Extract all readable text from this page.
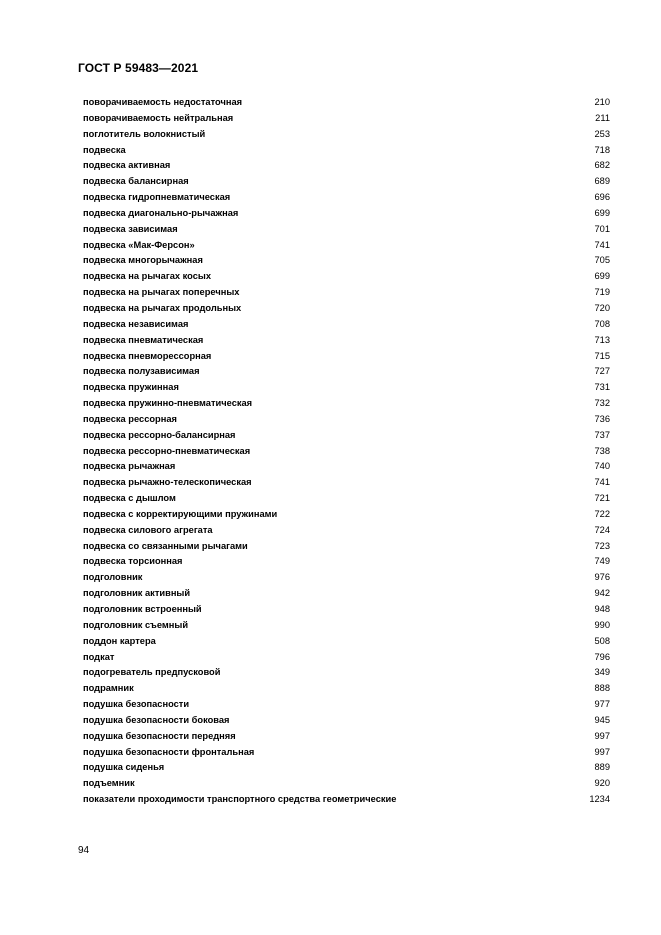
ГОСТ Р 59483—2021
поворачиваемость недостаточная	210
поворачиваемость нейтральная	211
поглотитель волокнистый	253
подвеска	718
подвеска активная	682
подвеска балансирная	689
подвеска гидропневматическая	696
подвеска диагонально-рычажная	699
подвеска зависимая	701
подвеска «Мак-Ферсон»	741
подвеска многорычажная	705
подвеска на рычагах косых	699
подвеска на рычагах поперечных	719
подвеска на рычагах продольных	720
подвеска независимая	708
подвеска пневматическая	713
подвеска пневморессорная	715
подвеска полузависимая	727
подвеска пружинная	731
подвеска пружинно-пневматическая	732
подвеска рессорная	736
подвеска рессорно-балансирная	737
подвеска рессорно-пневматическая	738
подвеска рычажная	740
подвеска рычажно-телескопическая	741
подвеска с дышлом	721
подвеска с корректирующими пружинами	722
подвеска силового агрегата	724
подвеска со связанными рычагами	723
подвеска торсионная	749
подголовник	976
подголовник активный	942
подголовник встроенный	948
подголовник съемный	990
поддон картера	508
подкат	796
подогреватель предпусковой	349
подрамник	888
подушка безопасности	977
подушка безопасности боковая	945
подушка безопасности передняя	997
подушка безопасности фронтальная	997
подушка сиденья	889
подъемник	920
показатели проходимости транспортного средства геометрические	1234
94
